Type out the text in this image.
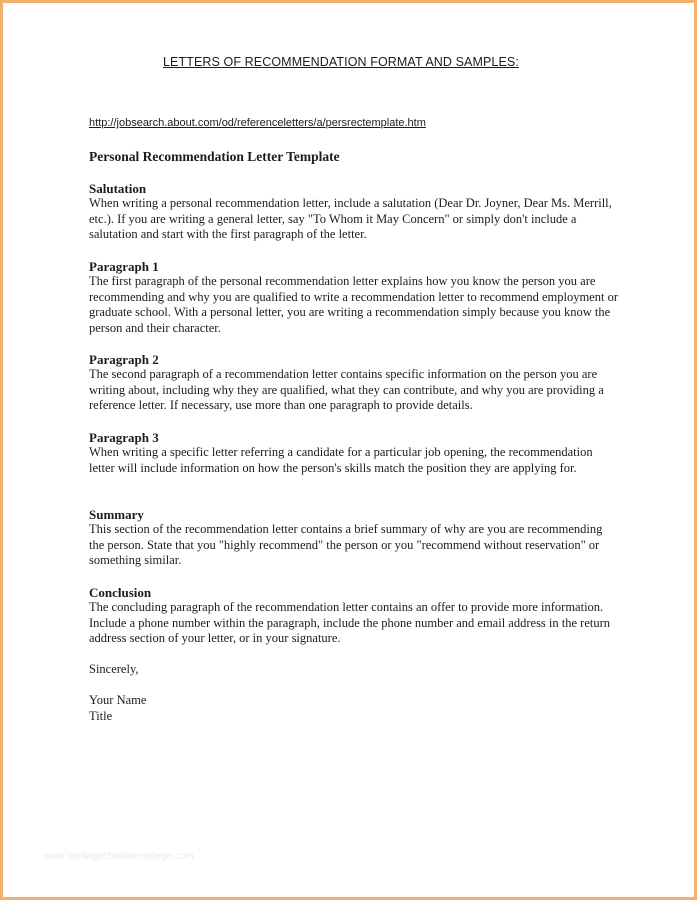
LETTERS OF RECOMMENDATION FORMAT AND SAMPLES:
http://jobsearch.about.com/od/referenceletters/a/persrectemplate.htm
Personal Recommendation Letter Template
Salutation

When writing a personal recommendation letter, include a salutation (Dear Dr. Joyner, Dear Ms. Merrill, etc.). If you are writing a general letter, say "To Whom it May Concern" or simply don't include a salutation and start with the first paragraph of the letter.

Paragraph 1

The first paragraph of the personal recommendation letter explains how you know the person you are recommending and why you are qualified to write a recommendation letter to recommend employment or graduate school. With a personal letter, you are writing a recommendation simply because you know the person and their character.

Paragraph 2

The second paragraph of a recommendation letter contains specific information on the person you are writing about, including why they are qualified, what they can contribute, and why you are providing a reference letter. If necessary, use more than one paragraph to provide details.

Paragraph 3

When writing a specific letter referring a candidate for a particular job opening, the recommendation letter will include information on how the person's skills match the position they are applying for.

Summary

This section of the recommendation letter contains a brief summary of why are you are recommending the person. State that you "highly recommend" the person or you "recommend without reservation" or something similar.

Conclusion

The concluding paragraph of the recommendation letter contains an offer to provide more information. Include a phone number within the paragraph, include the phone number and email address in the return address section of your letter, or in your signature.

Sincerely,
Your Name
Title
www.heritagechristiancollege.com
